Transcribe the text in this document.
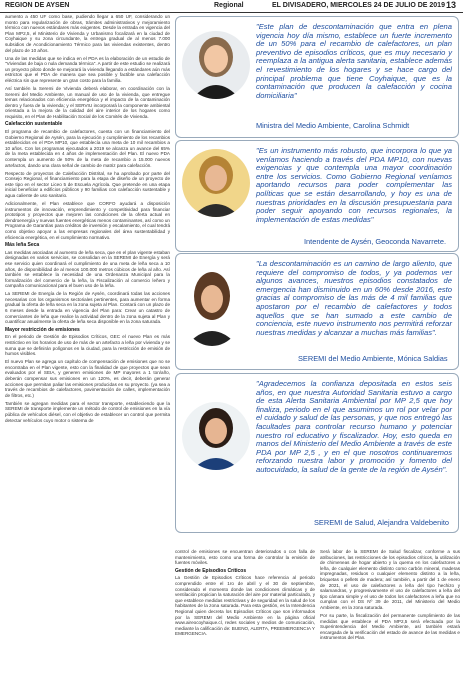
REGION DE AYSEN	Regional	EL DIVISADERO, MIERCOLES 24 DE JULIO DE 2019 13

aumento a 450 UF como base, pudiendo llegar a 650 UF, considerando un monto para regularización de obras, trámites administrativos y mejoramiento térmico con nuevos estándares más exigentes. Desde la entrada en vigencia del Plan MP2,5, el Ministerio de Vivienda y Urbanismo focalizará en la ciudad de Coyhaique y su zona circundante, la entrega gradual de al menos 7.000 subsidios de Acondicionamiento Térmico para las viviendas existentes, dentro del plazo de 10 años.

Una de las medidas que se indica en el PDA es la elaboración de un estudio de "Viviendas de baja o nula demanda térmica". A partir de este estudio se realizará un proyecto piloto donde se mejorará la vivienda llegando a estándares aún más estrictos que el PDA de manera que sea posible y factible una calefacción eléctrica sin que represente un gran costo para la familia.

Así también la Seremi de Vivienda deberá elaborar, en coordinación con la Seremi del Medio Ambiente, un manual de uso de la vivienda, que entregue temas relacionados con eficiencia energética y el impacto de la contaminación dentro y fuera de la vivienda; y el SERVIU incorporará la componente ambiental orientada a la mejora de la calidad del aire interior de los hogares como requisito, en el Plan de Habilitación Social de los Comités de Vivienda.

Calefacción sustentable

El programa de recambio de calefactores, cuenta con un financiamiento del Gobierno Regional de Aysén, para la ejecución y cumplimiento de los recambios establecidos en el PDA MP10, que establecía una meta de 10 mil recambios a 10 años. Con los programas ejecutados a 2019 se alcanza un avance del 65% de la meta establecida en 4 años de implementación del Plan. El nuevo PDA contempla un aumento de 50% de la meta de recambio a 15.000 nuevos artefactos, dando una clara señal de cambio de matriz para calefacción.

Respecto de proyectos de Calefacción Distrital, se ha aprobado por parte del Consejo Regional, el financiamiento para la etapa de diseño de un proyecto de este tipo en el sector Liceo 5 de Escuela Agrícola. Que pretende en una etapa inicial beneficiar a edificios públicos y 90 familias con calefacción sustentable y agua caliente de uso sanitario.

Adicionalmente, el Plan establece que CORFO ayudará a disposición instrumentos de innovación, emprendimiento y competitividad para financiar prototipos y proyectos que mejoren las condiciones de la oferta actual en dendroenergía y nuevas fuentes energéticas menos contaminantes, así como un Programa de Garantías para créditos de inversión y escalamiento, el cual tendrá como objetivo apoyar a las empresas regionales del área sustentabilidad y eficiencia energética, en el cumplimiento normativo.

Más leña Seca

Las medidas asociadas al aumento de leña seca, que en el plan vigente estaban designadas en varios servicios, se consolidan en la SEREMI de Energía y será ese servicio quien coordinará el cumplimiento de una meta de leña seca a 10 años, de disponibilidad de al menos 100.000 metros cúbicos de leña al año. Así también se establece la necesidad de una Ordenanza Municipal para la formalización del comercio de la leña, la Fiscalización al comercio leñero y campaña comunicacional para el buen uso de la leña.

La SEREMI de Energía de la Región de Aysén, coordinará todas las acciones necesarias con los organismos sectoriales pertinentes, para aumentar en forma gradual la oferta de leña seca en la zona sujeta al Plan. Contará con un plazo de 6 meses desde la entrada en vigencia del Plan para: Crear un catastro de comerciantes de leña que realice la actividad dentro de la zona sujeta al Plan y cuantificar anualmente la oferta de leña seca disponible en la zona saturada.

Mayor restricción de emisiones

En el periodo de Gestión de Episodios Críticos, GEC el nuevo Plan es más restrictivo en los horarios de uso de más de un artefacto a leña por vivienda y se suma que se definirán polígonos en la ciudad, para la restricción de emisión de humos visibles.

El nuevo Plan se agrega un capítulo de compensación de emisiones que no se encontraba en el Plan vigente, esto con la finalidad de que proyectos que sean evaluados por el SEIA, y generen emisiones de MP mayores a 1 ton/año, deberán compensar sus emisiones en un 120%, es decir, deberán generar acciones que permitan paliar las emisiones producidas en su proyecto. (ya sea a través de recambios de calefactores, pavimentación de calles, implementación de filtros, etc.)

También se agregan medidas para el sector transporte, estableciendo que la SEREMI de transporte implemente un método de control de emisiones en la vía pública de vehículos diésel, con el objetivo de establecer un control que permita detectar vehículos cuyo motor o sistema de

"Este plan de descontaminación que entra en plena vigencia hoy día mismo, establece un fuerte incremento de un 50% para el recambio de calefactores, un plan preventivo de episodios críticos, que es muy necesario y reemplaza a la antigua alerta sanitaria, establece además el revestimiento de los hogares y se hace cargo del principal problema que tiene Coyhaique, que es la contaminación que producen la calefacción y cocina domiciliaria"
Ministra del Medio Ambiente, Carolina Schmidt
"Es un instrumento más robusto, que incorpora lo que ya veníamos haciendo a través del PDA MP10, con nuevas exigencias y que contempla una mayor coordinación entre los servicios. Como Gobierno Regional veníamos aportando recursos para poder complementar las políticas que se están desarrollando, y hoy es una de nuestras prioridades en la discusión presupuestaria para poder seguir apoyando con recursos regionales, la implementación de estas medidas"
Intendente de Aysén, Geoconda Navarrete.
"La descontaminación es un camino de largo aliento, que requiere del compromiso de todos, y ya podemos ver algunos avances, nuestros episodios constatados de emergencia han disminuido en un 60% desde 2016, esto gracias al compromiso de las más de 4 mil familias que apostaron por el recambio de calefactores y todos aquellos que se han sumado a este cambio de conciencia, este nuevo instrumento nos permitirá reforzar nuestras medidas y alcanzar a muchas más familias".
SEREMI del Medio Ambiente, Mónica Saldias
"Agradecemos la confianza depositada en estos seis años, en que nuestra Autoridad Sanitaria estuvo a cargo de esta Alerta Sanitaria Ambiental por MP 2,5 que hoy finaliza, periodo en el que asumimos un rol por velar por el cuidado y salud de las personas, y que nos entregó las facultades para controlar recurso humano y potenciar nuestro rol educativo y fiscalizador. Hoy, esto queda en manos del Ministerio del Medio Ambiente a través de este PDA por MP 2,5 , y en el que nosotros continuaremos reforzando nuestra labor y promoción y fomento del autocuidado, la salud de la gente de la región de Aysén".
SEREMI de Salud, Alejandra Valdebenito

control de emisiones se encuentran deteriorados o con falla de mantenimiento, esto como una forma de controlar la emisión de fuentes móviles.

Gestión de Episodios Críticos

La Gestión de Episodios Críticos hace referencia al periodo comprendido entre el 1ro de abril y el 30 de septiembre, considerado el momento donde las condiciones climáticas y de ventilación propician la saturación del aire por material particulado, y que establece medidas restrictivas y de seguridad en la salud de los habitantes de la zona saturada. Para esta gestión, es la Intendencia Regional quien decreta los Episodios Críticos que son informados por la SEREMI del Medio Ambiente en la página oficial www.aireocoyhaique.cl, redes sociales y medios de comunicación, mediante la calificación de: BUENO, ALERTA, PREEMERGENCIA Y EMERGENCIA.

Será labor de la SEREMI de Salud fiscalizar, conforme a sus atribuciones, las restricciones de los episodios críticos, la utilización de chimeneas de hogar abierto y la quema en los calefactores a leña, de cualquier elemento distinto como carbón mineral, maderas impregnadas, residuos o cualquier elemento distinto a la leña, briquetas o pellets de madera; así también, a partir del 1 de enero de 2021, el uso de calefactores a leña del tipo hechizo y salamandras, y progresivamente el uso de calefactores a leña del tipo cámara simple y el uso de todos los calefactores a leña que no cumplan con el DS Nº 39 de 2011, del Ministerio del Medio Ambiente, en la zona saturada.

Por su parte, la fiscalización del permanente cumplimiento de las medidas que establece el PDA MP2,5 será efectuada por la Superintendencia del Medio Ambiente, así también estará encargada de la verificación del estado de avance de las medidas e instrumentos del Plan.
